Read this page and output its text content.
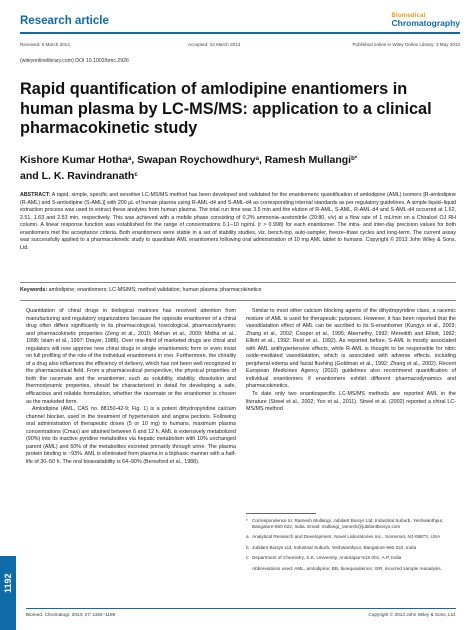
Research article	Biomedical
Chromatography
Received: 5 March 2013,	Accepted: 24 March 2013	Published online in Wiley Online Library: 3 May 2013
(wileyonlinelibrary.com) DOI 10.1002/bmc.2926
Rapid quantification of amlodipine enantiomers in human plasma by LC-MS/MS: application to a clinical pharmacokinetic study
Kishore Kumar Hotha$^a$, Swapan Roychowdhury$^a$, Ramesh Mullangi$^{b*}$
and L. K. Ravindranath$^c$
ABSTRACT: A rapid, simple, specific and sensitive LC-MS/MS method has been developed and validated for the enantiomeric quantification of amlodipine (AML) isomers [R-amlodipine (R-AML) and S-amlodipine (S-AML)] with 200 μL of human plasma using R-AML-d4 and S-AML-d4 as corresponding internal standards as per regulatory guidelines. A simple liquid–liquid extraction process was used to extract these analytes from human plasma. The total run time was 3.5 min and the elution of R-AML, S-AML, R-AML-d4 and S-AML-d4 occurred at 1.62, 2.51, 1.63 and 2.53 min, respectively. This was achieved with a mobile phase consisting of 0.2% ammonia–acetonitrile (20:80, v/v) at a flow rate of 1 mL/min on a Chiralcel OJ RH column. A linear response function was established for the range of concentrations 0.1–10 ng/mL (r > 0.998) for each enantiomer. The intra- and inter-day precision values for both enantiomers met the acceptance criteria. Both enantiomers were stable in a set of stability studies, viz. bench-top, auto-sampler, freeze–thaw cycles and long-term. The current assay was successfully applied to a pharmacokinetic study to quantitate AML enantiomers following oral administration of 10 mg AML tablet to humans. Copyright © 2013 John Wiley & Sons, Ltd.
Keywords: amlodipine; enantiomers; LC-MS/MS; method validation; human plasma; pharmacokinetics

Quantitation of chiral drugs in biological matrices has received attention from manufacturing and regulatory organizations because the opposite enantiomer of a chiral drug often differs significantly in its pharmacological, toxicological, pharmacodynamic and pharmacokinetic properties (Zeng et al., 2010; Mohan et al., 2009; Midha et al., 1998; Islam et al., 1997; Drayer, 1986). Over one-third of marketed drugs are chiral and regulators will now approve new chiral drugs in single enantiomeric form or even insist on full profiling of the role of the individual enantiomers in vivo. Furthermore, the chirality of a drug also influences the efficiency of delivery, which has not been well recognized in the pharmaceutical field. From a pharmaceutical perspective, the physical properties of both the racemate and the enantiomer, such as solubility, stability, dissolution and thermodynamic properties, should be characterized in detail for developing a safe, efficacious and reliable formulation, whether the racemate or the enantiomer is chosen as the marketed form.

Amlodipine (AML, CAS no. 88150-42-9; Fig. 1) is a potent dihydropyridine calcium channel blocker, used in the treatment of hypertension and angina pectoris. Following oral administration of therapeutic doses (5 or 10 mg) to humans, maximum plasma concentrations (Cmax) are attained between 6 and 12 h. AML is extensively metabolized (90%) into its inactive pyridine metabolites via hepatic metabolism with 10% unchanged parent (AML) and 60% of the metabolites excreted primarily through urine. The plasma protein binding is ~93%. AML is eliminated from plasma in a biphasic manner with a half-life of 30–50 h. The oral bioavailability is 64–90% (Beresford et al., 1988).

Similar to most other calcium blocking agents of the dihydropyridine class, a racemic mixture of AML is used for therapeutic purposes. However, it has been reported that the vasodilatation effect of AML can be ascribed to its S-enantiomer (Kungys et al., 2003; Zhang et al., 2002; Cooper et al., 1995; Abernethy, 1992; Meredith and Elliott, 1992; Elliott et al., 1992; Reid et al., 1992). As reported before, S-AML is mostly associated with AML antihypertensive effects, while R-AML is thought to be responsible for nitric oxide-mediated vasodilatation, which is associated with adverse effects, including peripheral edema and facial flushing (Goldman et al., 1992; Zhang et al., 2002). Recent European Medicines Agency (2010) guidelines also recommend quantification of individual enantiomers if enantiomers exhibit different pharmacodynamics and pharmacokinetics.

To date only two enantiospecific LC-MS/MS methods are reported AML in the literature (Streel et al., 2002; Yoo et al., 2011). Streel et al. (2002) reported a chiral LC-MS/MS method

* Correspondence to: Ramesh Mullangi, Jubilant Biosys Ltd, Industrial Suburb, Yeshwanthpur, Bangalore-560 022, India. Email: mullangi_ramesh@jubilantbiosys.com
a Analytical Research and Development, Novel Laboratories Inc., Somerset, NJ-08873, USA
b Jubilant Biosys Ltd, Industrial Suburb, Yeshwanthpur, Bangalore-560 022, India
c Department of Chemistry, S.K. University, Anantapur-515 001, A.P, India
Abbreviations used: AML, amlodipine; BB, bioequivalence; ISR, incurred sample reanalysis.
Biomed. Chromatogr. 2013; 27: 1192–1199	Copyright © 2013 John Wiley & Sons, Ltd.
1192
